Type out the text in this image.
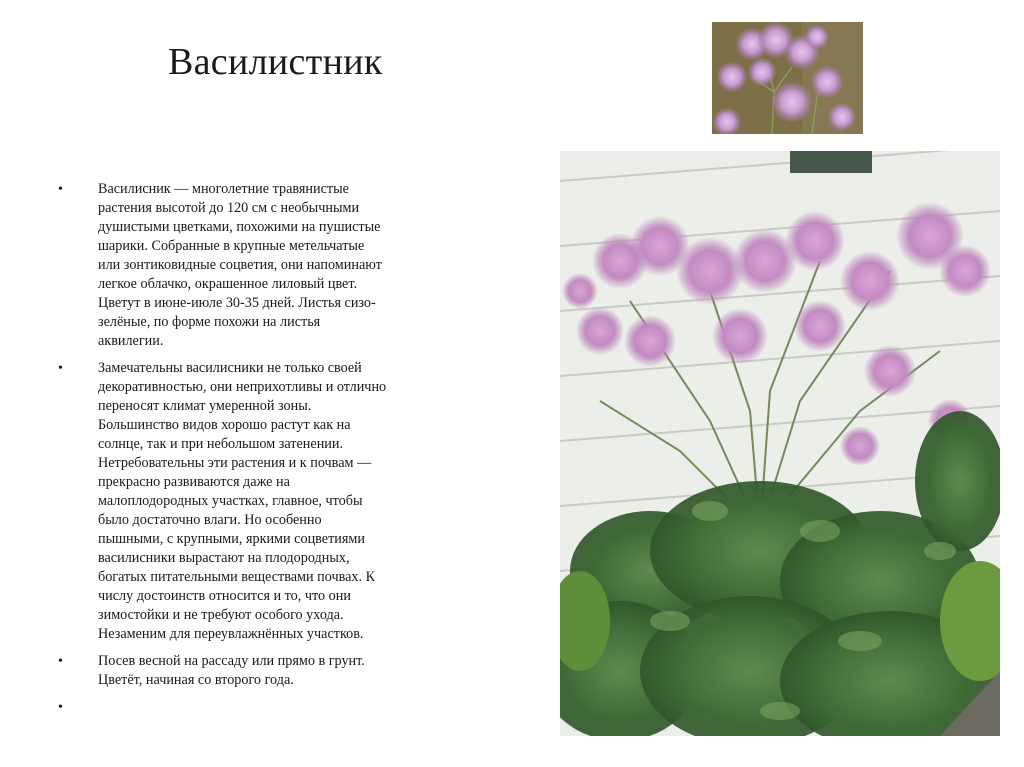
Василистник
• Василисник — многолетние травянистые
растения высотой до 120 см с необычными
душистыми цветками, похожими на пушистые
шарики. Собранные в крупные метельчатые
или зонтиковидные соцветия, они напоминают
легкое облачко, окрашенное лиловый цвет.
Цветут в июне-июле 30-35 дней. Листья сизо-
зелёные, по форме похожи на листья
аквилегии.
• Замечательны василисники не только своей
декоративностью, они неприхотливы и отлично
переносят климат умеренной зоны.
Большинство видов хорошо растут как на
солнце, так и при небольшом затенении.
Нетребовательны эти растения и к почвам —
прекрасно развиваются даже на
малоплодородных участках, главное, чтобы
было достаточно влаги. Но особенно
пышными, с крупными, яркими соцветиями
василисники вырастают на плодородных,
богатых питательными веществами почвах. К
числу достоинств относится и то, что они
зимостойки и не требуют особого ухода.
Незаменим для переувлажнённых участков.
• Посев весной на рассаду или прямо в грунт.
Цветёт, начиная со второго года.
•
